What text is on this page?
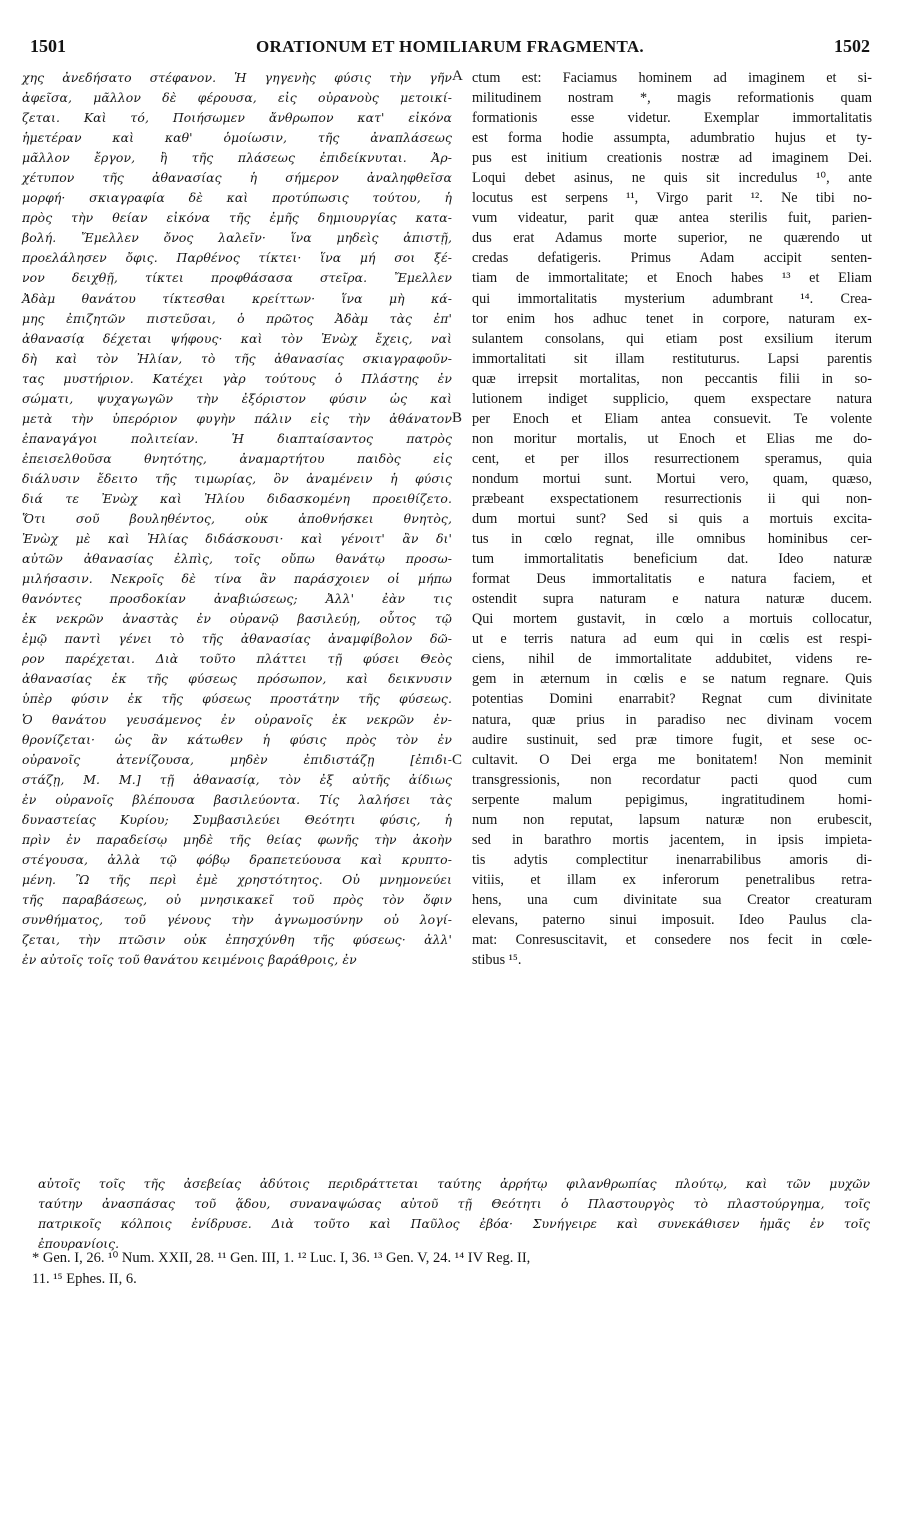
1501	ORATIONUM ET HOMILIARUM FRAGMENTA.	1502

χης ἀνεδήσατο στέφανον. Ἡ γηγενὴς φύσις τὴν γῆν

ἀφεῖσα, μᾶλλον δὲ φέρουσα, εἰς οὐρανοὺς μετοικί-

ζεται. Καὶ τό, Ποιήσωμεν ἄνθρωπον κατ' εἰκόνα

ἡμετέραν καὶ καθ' ὁμοίωσιν, τῆς ἀναπλάσεως

μᾶλλον ἔργον, ἢ τῆς πλάσεως ἐπιδείκνυται. Ἀρ-

χέτυπον τῆς ἀθανασίας ἡ σήμερον ἀναληφθεῖσα

μορφή· σκιαγραφία δὲ καὶ προτύπωσις τούτου, ἡ

πρὸς τὴν θείαν εἰκόνα τῆς ἐμῆς δημιουργίας κατα-

βολή. Ἔμελλεν ὄνος λαλεῖν· ἵνα μηδεὶς ἀπιστῇ,

προελάλησεν ὄφις. Παρθένος τίκτει· ἵνα μή σοι ξέ-

νον δειχθῇ, τίκτει προφθάσασα στεῖρα. Ἔμελλεν

Ἀδὰμ θανάτου τίκτεσθαι κρείττων· ἵνα μὴ κά-

μης ἐπιζητῶν πιστεῦσαι, ὁ πρῶτος Ἀδὰμ τὰς ἐπ'

ἀθανασίᾳ δέχεται ψήφους· καὶ τὸν Ἐνὼχ ἔχεις, ναὶ

δὴ καὶ τὸν Ἠλίαν, τὸ τῆς ἀθανασίας σκιαγραφοῦν-

τας μυστήριον. Κατέχει γὰρ τούτους ὁ Πλάστης ἐν

σώματι, ψυχαγωγῶν τὴν ἐξόριστον φύσιν ὡς καὶ

μετὰ τὴν ὑπερόριον φυγὴν πάλιν εἰς τὴν ἀθάνατον

ἐπαναγάγοι πολιτείαν. Ἡ διαπταίσαντος πατρὸς

ἐπεισελθοῦσα θνητότης, ἀναμαρτήτου παιδὸς εἰς

διάλυσιν ἔδειτο τῆς τιμωρίας, ὃν ἀναμένειν ἡ φύσις

διά τε Ἐνὼχ καὶ Ἠλίου διδασκομένη προειθίζετο.

Ὅτι σοῦ βουληθέντος, οὐκ ἀποθνήσκει θνητὸς,

Ἐνὼχ μὲ καὶ Ἠλίας διδάσκουσι· καὶ γένοιτ' ἂν δι'

αὐτῶν ἀθανασίας ἐλπὶς, τοῖς οὔπω θανάτῳ προσω-

μιλήσασιν. Νεκροῖς δὲ τίνα ἂν παράσχοιεν οἱ μήπω

θανόντες προσδοκίαν ἀναβιώσεως; Ἀλλ' ἐὰν τις

ἐκ νεκρῶν ἀναστὰς ἐν οὐρανῷ βασιλεύῃ, οὗτος τῷ

ἐμῷ παντὶ γένει τὸ τῆς ἀθανασίας ἀναμφίβολον δῶ-

ρον παρέχεται. Διὰ τοῦτο πλάττει τῇ φύσει Θεὸς

ἀθανασίας ἐκ τῆς φύσεως πρόσωπον, καὶ δεικνυσιν

ὑπὲρ φύσιν ἐκ τῆς φύσεως προστάτην τῆς φύσεως.

Ὁ θανάτου γευσάμενος ἐν οὐρανοῖς ἐκ νεκρῶν ἐν-

θρονίζεται· ὡς ἂν κάτωθεν ἡ φύσις πρὸς τὸν ἐν

οὐρανοῖς ἀτενίζουσα, μηδὲν ἐπιδιστάζῃ [ἐπιδι-

στάζῃ, M. M.] τῇ ἀθανασίᾳ, τὸν ἐξ αὐτῆς ἀίδιως

ἐν οὐρανοῖς βλέπουσα βασιλεύοντα. Τίς λαλήσει τὰς

δυναστείας Κυρίου; Συμβασιλεύει Θεότητι φύσις, ἡ

πρὶν ἐν παραδείσῳ μηδὲ τῆς θείας φωνῆς τὴν ἀκοὴν

στέγουσα, ἀλλὰ τῷ φόβῳ δραπετεύουσα καὶ κρυπτο-

μένη. Ὢ τῆς περὶ ἐμὲ χρηστότητος. Οὐ μνημονεύει

τῆς παραβάσεως, οὐ μνησικακεῖ τοῦ πρὸς τὸν ὄφιν

συνθήματος, τοῦ γένους τὴν ἀγνωμοσύνην οὐ λογί-

ζεται, τὴν πτῶσιν οὐκ ἐπησχύνθη τῆς φύσεως· ἀλλ'

ἐν αὐτοῖς τοῖς τοῦ θανάτου κειμένοις βαράθροις, ἐν

ctum est: Faciamus hominem ad imaginem et si-

militudinem nostram *, magis reformationis quam

formationis esse videtur. Exemplar immortalitatis

est forma hodie assumpta, adumbratio hujus et ty-

pus est initium creationis nostræ ad imaginem Dei.

Loqui debet asinus, ne quis sit incredulus ¹⁰, ante

locutus est serpens ¹¹, Virgo parit ¹². Ne tibi no-

vum videatur, parit quæ antea sterilis fuit, parien-

dus erat Adamus morte superior, ne quærendo ut

credas defatigeris. Primus Adam accipit senten-

tiam de immortalitate; et Enoch habes ¹³ et Eliam

qui immortalitatis mysterium adumbrant ¹⁴. Crea-

tor enim hos adhuc tenet in corpore, naturam ex-

sulantem consolans, qui etiam post exsilium iterum

immortalitati sit illam restituturus. Lapsi parentis

quæ irrepsit mortalitas, non peccantis filii in so-

lutionem indiget supplicio, quem exspectare natura

per Enoch et Eliam antea consuevit. Te volente

non moritur mortalis, ut Enoch et Elias me do-

cent, et per illos resurrectionem speramus, quia

nondum mortui sunt. Mortui vero, quam, quæso,

præbeant exspectationem resurrectionis ii qui non-

dum mortui sunt? Sed si quis a mortuis excita-

tus in cœlo regnat, ille omnibus hominibus cer-

tum immortalitatis beneficium dat. Ideo naturæ

format Deus immortalitatis e natura faciem, et

ostendit supra naturam e natura naturæ ducem.

Qui mortem gustavit, in cœlo a mortuis collocatur,

ut e terris natura ad eum qui in cœlis est respi-

ciens, nihil de immortalitate addubitet, videns re-

gem in æternum in cœlis e se natum regnare. Quis

potentias Domini enarrabit? Regnat cum divinitate

natura, quæ prius in paradiso nec divinam vocem

audire sustinuit, sed præ timore fugit, et sese oc-

cultavit. O Dei erga me bonitatem! Non meminit

transgressionis, non recordatur pacti quod cum

serpente malum pepigimus, ingratitudinem homi-

num non reputat, lapsum naturæ non erubescit,

sed in barathro mortis jacentem, in ipsis impieta-

tis adytis complectitur inenarrabilibus amoris di-

vitiis, et illam ex inferorum penetralibus retra-

hens, una cum divinitate sua Creator creaturam

elevans, paterno sinui imposuit. Ideo Paulus cla-

mat: Conresuscitavit, et consedere nos fecit in cœle-

stibus ¹⁵.

A
B
C

αὐτοῖς τοῖς τῆς ἀσεβείας ἀδύτοις περιδράττεται ταύτης ἀρρήτῳ φιλανθρωπίας πλούτῳ, καὶ τῶν μυχῶν

ταύτην ἀνασπάσας τοῦ ᾅδου, συναναψώσας αὐτοῦ τῇ Θεότητι ὁ Πλαστουργὸς τὸ πλαστούργημα, τοῖς

πατρικοῖς κόλποις ἐνίδρυσε. Διὰ τοῦτο καὶ Παῦλος ἐβόα· Συνήγειρε καὶ συνεκάθισεν ἡμᾶς ἐν τοῖς

ἐπουρανίοις.

* Gen. I, 26. ¹⁰ Num. XXII, 28. ¹¹ Gen. III, 1. ¹² Luc. I, 36. ¹³ Gen. V, 24. ¹⁴ IV Reg. II,

11. ¹⁵ Ephes. II, 6.
